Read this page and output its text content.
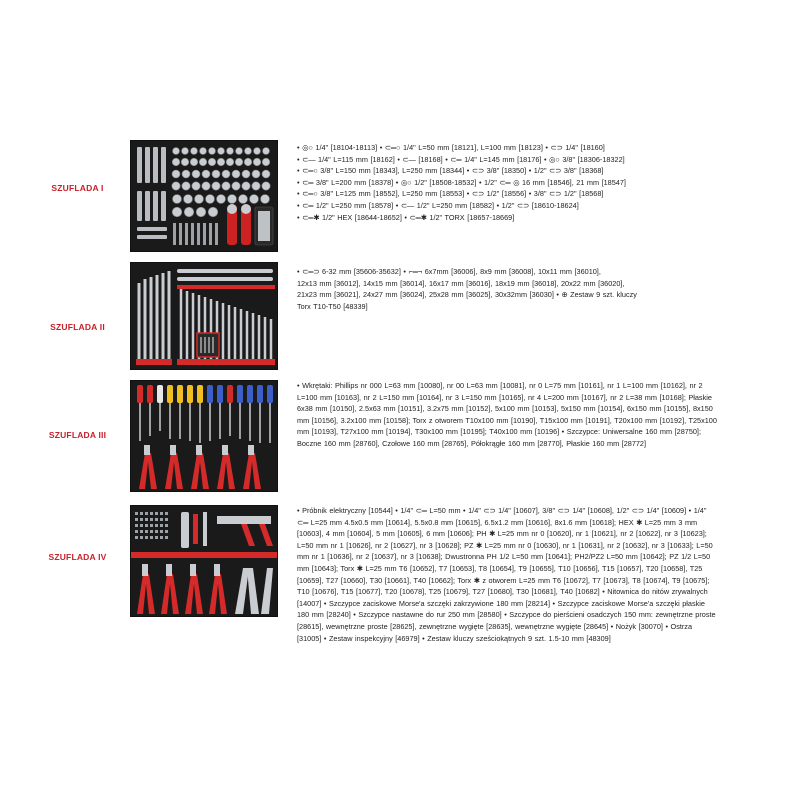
SZUFLADA I
• ◎○ 1/4" [18104-18113] • ⊂═○ 1/4" L=50 mm [18121], L=100 mm [18123] • ⊂⊃ 1/4" [18160]
• ⊂— 1/4" L=115 mm [18162] • ⊂— [18168] • ⊂═ 1/4" L=145 mm [18176] • ◎○ 3/8" [18306-18322]
• ⊂═○ 3/8" L=150 mm [18343], L=250 mm [18344] • ⊂⊃ 3/8" [18350] • 1/2" ⊂⊃ 3/8" [18368]
• ⊂═ 3/8" L=200 mm [18378] • ◎○ 1/2" [18508-18532] • 1/2" ⊂═ ◎ 16 mm [18546], 21 mm [18547]
• ⊂═○ 3/8" L=125 mm [18552], L=250 mm [18553] • ⊂⊃ 1/2" [18556] • 3/8" ⊂⊃ 1/2" [18568]
• ⊂═ 1/2" L=250 mm [18578] • ⊂— 1/2" L=250 mm [18582] • 1/2" ⊂⊃ [18610-18624]
• ⊂═✱ 1/2" HEX [18644-18652] • ⊂═✱ 1/2" TORX [18657-18669]
SZUFLADA II
• ⊂═⊃ 6-32 mm [35606-35632] • ⌐═¬ 6x7mm [36006], 8x9 mm [36008], 10x11 mm [36010],
12x13 mm [36012], 14x15 mm [36014], 16x17 mm [36016], 18x19 mm [36018], 20x22 mm [36020],
21x23 mm [36021], 24x27 mm [36024], 25x28 mm [36025], 30x32mm [36030] • ⊕ Zestaw 9 szt. kluczy
Torx T10-T50 [48339]
SZUFLADA III
• Wkrętaki: Phillips nr 000 L=63 mm [10080], nr 00 L=63 mm [10081], nr 0 L=75 mm [10161], nr 1 L=100 mm [10162], nr 2 L=100 mm [10163], nr 2 L=150 mm [10164], nr 3 L=150 mm [10165], nr 4 L=200 mm [10167], nr 2 L=38 mm [10168]; Płaskie 6x38 mm [10150], 2.5x63 mm [10151], 3.2x75 mm [10152], 5x100 mm [10153], 5x150 mm [10154], 6x150 mm [10155], 8x150 mm [10156], 3.2x100 mm [10158]; Torx z otworem T10x100 mm [10190], T15x100 mm [10191], T20x100 mm [10192], T25x100 mm [10193], T27x100 mm [10194], T30x100 mm [10195]; T40x100 mm [10196] • Szczypce: Uniwersalne 160 mm [28750]; Boczne 160 mm [28760], Czołowe 160 mm [28765], Półokrągłe 160 mm [28770], Płaskie 160 mm [28772]
SZUFLADA IV
• Próbnik elektryczny [10544] • 1/4" ⊂═ L=50 mm • 1/4" ⊂⊃ 1/4" [10607], 3/8" ⊂⊃ 1/4" [10608], 1/2" ⊂⊃ 1/4" [10609] • 1/4" ⊂═ L=25 mm 4.5x0.5 mm [10614], 5.5x0.8 mm [10615], 6.5x1.2 mm [10616], 8x1.6 mm [10618]; HEX ✱ L=25 mm 3 mm [10603], 4 mm [10604], 5 mm [10605], 6 mm [10606]; PH ✱ L=25 mm nr 0 [10620], nr 1 [10621], nr 2 [10622], nr 3 [10623]; L=50 mm nr 1 [10626], nr 2 [10627], nr 3 [10628]; PZ ✱ L=25 mm nr 0 [10630], nr 1 [10631], nr 2 [10632], nr 3 [10633]; L=50 mm nr 1 [10636], nr 2 [10637], nr 3 [10638]; Dwustronna PH 1/2 L=50 mm [10641]; PH2/PZ2 L=50 mm [10642]; PZ 1/2 L=50 mm [10643]; Torx ✱ L=25 mm T6 [10652], T7 [10653], T8 [10654], T9 [10655], T10 [10656], T15 [10657], T20 [10658], T25 [10659], T27 [10660], T30 [10661], T40 [10662]; Torx ✱ z otworem L=25 mm T6 [10672], T7 [10673], T8 [10674], T9 [10675]; T10 [10676], T15 [10677], T20 [10678], T25 [10679], T27 [10680], T30 [10681], T40 [10682] • Nitownica do nitów zrywalnych [14007] • Szczypce zaciskowe Morse'a szczęki zakrzywione 180 mm [28214] • Szczypce zaciskowe Morse'a szczęki płaskie 180 mm [28240] • Szczypce nastawne do rur 250 mm [28580] • Szczypce do pierścieni osadczych 150 mm: zewnętrzne proste [28615], wewnętrzne proste [28625], zewnętrzne wygięte [28635], wewnętrzne wygięte [28645] • Nożyk [30070] • Ostrza [31005] • Zestaw inspekcyjny [46979] • Zestaw kluczy sześciokątnych 9 szt. 1.5-10 mm [48309]
